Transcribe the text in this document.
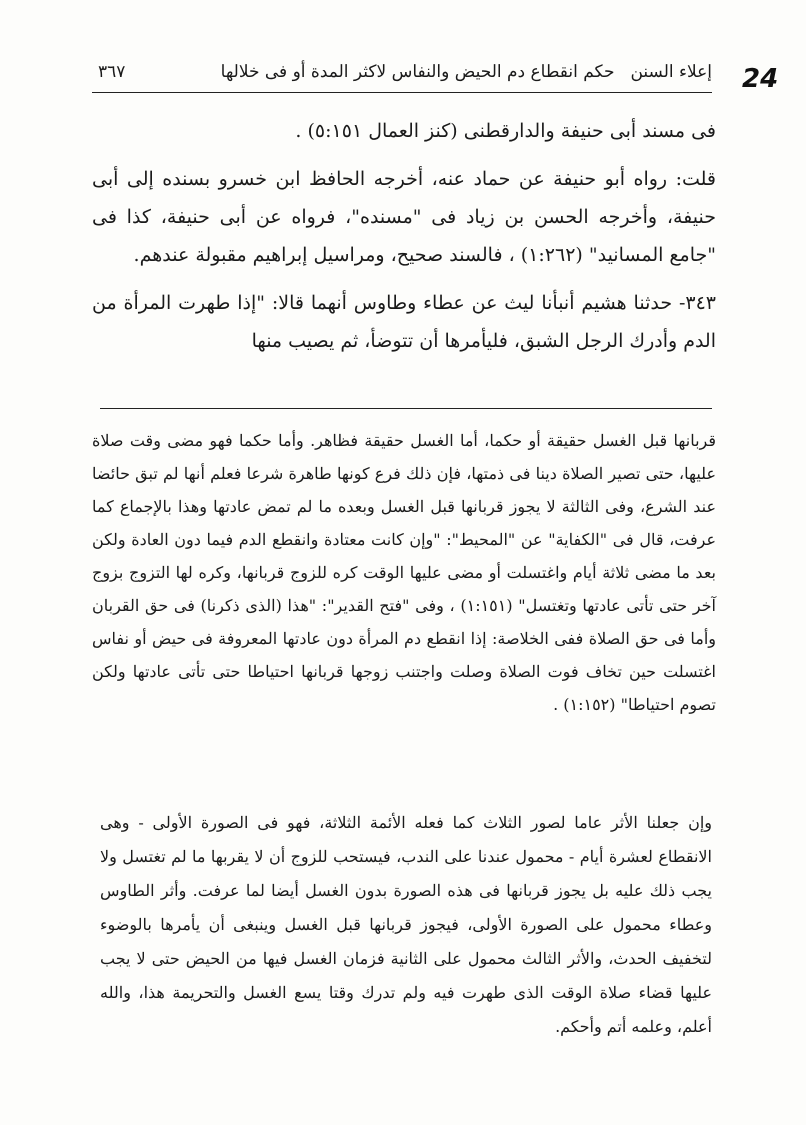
24
إعلاء السنن
حكم انقطاع دم الحيض والنفاس لاكثر المدة أو فى خلالها
٣٦٧

فى مسند أبى حنيفة والدارقطنى (كنز العمال ٥:١٥١) .

قلت: رواه أبو حنيفة عن حماد عنه، أخرجه الحافظ ابن خسرو بسنده إلى أبى حنيفة، وأخرجه الحسن بن زياد فى "مسنده"، فرواه عن أبى حنيفة، كذا فى "جامع المسانيد" (١:٢٦٢) ، فالسند صحيح، ومراسيل إبراهيم مقبولة عندهم.

٣٤٣- حدثنا هشيم أنبأنا ليث عن عطاء وطاوس أنهما قالا: "إذا طهرت المرأة من الدم وأدرك الرجل الشبق، فليأمرها أن تتوضأ، ثم يصيب منها

قربانها قبل الغسل حقيقة أو حكما، أما الغسل حقيقة فظاهر. وأما حكما فهو مضى وقت صلاة عليها، حتى تصير الصلاة دينا فى ذمتها، فإن ذلك فرع كونها طاهرة شرعا فعلم أنها لم تبق حائضا عند الشرع، وفى الثالثة لا يجوز قربانها قبل الغسل وبعده ما لم تمض عادتها وهذا بالإجماع كما عرفت، قال فى "الكفاية" عن "المحيط": "وإن كانت معتادة وانقطع الدم فيما دون العادة ولكن بعد ما مضى ثلاثة أيام واغتسلت أو مضى عليها الوقت كره للزوج قربانها، وكره لها التزوج بزوج آخر حتى تأتى عادتها وتغتسل" (١:١٥١) ، وفى "فتح القدير": "هذا (الذى ذكرنا) فى حق القربان وأما فى حق الصلاة ففى الخلاصة: إذا انقطع دم المرأة دون عادتها المعروفة فى حيض أو نفاس اغتسلت حين تخاف فوت الصلاة وصلت واجتنب زوجها قربانها احتياطا حتى تأتى عادتها ولكن تصوم احتياطا" (١:١٥٢) .

وإن جعلنا الأثر عاما لصور الثلاث كما فعله الأئمة الثلاثة، فهو فى الصورة الأولى - وهى الانقطاع لعشرة أيام - محمول عندنا على الندب، فيستحب للزوج أن لا يقربها ما لم تغتسل ولا يجب ذلك عليه بل يجوز قربانها فى هذه الصورة بدون الغسل أيضا لما عرفت. وأثر الطاوس وعطاء محمول على الصورة الأولى، فيجوز قربانها قبل الغسل وينبغى أن يأمرها بالوضوء لتخفيف الحدث، والأثر الثالث محمول على الثانية فزمان الغسل فيها من الحيض حتى لا يجب عليها قضاء صلاة الوقت الذى طهرت فيه ولم تدرك وقتا يسع الغسل والتحريمة هذا، والله أعلم، وعلمه أتم وأحكم.
